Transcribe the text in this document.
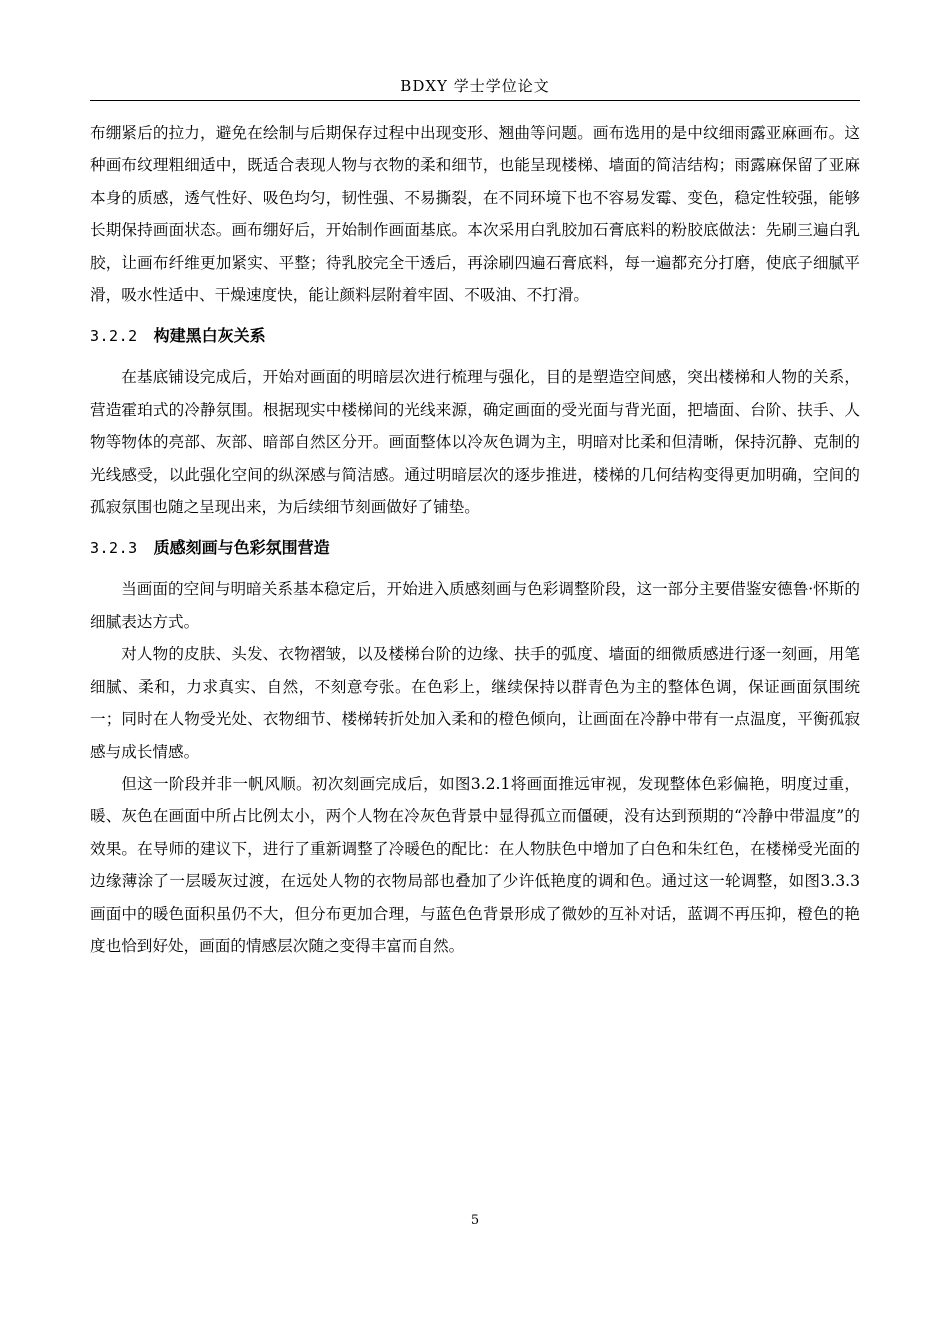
BDXY 学士学位论文

布绷紧后的拉力，避免在绘制与后期保存过程中出现变形、翘曲等问题。画布选用的是中纹细雨露亚麻画布。这种画布纹理粗细适中，既适合表现人物与衣物的柔和细节，也能呈现楼梯、墙面的简洁结构；雨露麻保留了亚麻本身的质感，透气性好、吸色均匀，韧性强、不易撕裂，在不同环境下也不容易发霉、变色，稳定性较强，能够长期保持画面状态。画布绷好后，开始制作画面基底。本次采用白乳胶加石膏底料的粉胶底做法：先刷三遍白乳胶，让画布纤维更加紧实、平整；待乳胶完全干透后，再涂刷四遍石膏底料，每一遍都充分打磨，使底子细腻平滑，吸水性适中、干燥速度快，能让颜料层附着牢固、不吸油、不打滑。

3.2.2 构建黑白灰关系

在基底铺设完成后，开始对画面的明暗层次进行梳理与强化，目的是塑造空间感，突出楼梯和人物的关系，营造霍珀式的冷静氛围。根据现实中楼梯间的光线来源，确定画面的受光面与背光面，把墙面、台阶、扶手、人物等物体的亮部、灰部、暗部自然区分开。画面整体以冷灰色调为主，明暗对比柔和但清晰，保持沉静、克制的光线感受，以此强化空间的纵深感与简洁感。通过明暗层次的逐步推进，楼梯的几何结构变得更加明确，空间的孤寂氛围也随之呈现出来，为后续细节刻画做好了铺垫。

3.2.3 质感刻画与色彩氛围营造

当画面的空间与明暗关系基本稳定后，开始进入质感刻画与色彩调整阶段，这一部分主要借鉴安德鲁·怀斯的细腻表达方式。

对人物的皮肤、头发、衣物褶皱，以及楼梯台阶的边缘、扶手的弧度、墙面的细微质感进行逐一刻画，用笔细腻、柔和，力求真实、自然，不刻意夸张。在色彩上，继续保持以群青色为主的整体色调，保证画面氛围统一；同时在人物受光处、衣物细节、楼梯转折处加入柔和的橙色倾向，让画面在冷静中带有一点温度，平衡孤寂感与成长情感。

但这一阶段并非一帆风顺。初次刻画完成后，如图3.2.1将画面推远审视，发现整体色彩偏艳，明度过重，暖、灰色在画面中所占比例太小，两个人物在冷灰色背景中显得孤立而僵硬，没有达到预期的“冷静中带温度”的效果。在导师的建议下，进行了重新调整了冷暖色的配比：在人物肤色中增加了白色和朱红色，在楼梯受光面的边缘薄涂了一层暖灰过渡，在远处人物的衣物局部也叠加了少许低艳度的调和色。通过这一轮调整，如图3.3.3画面中的暖色面积虽仍不大，但分布更加合理，与蓝色色背景形成了微妙的互补对话，蓝调不再压抑，橙色的艳度也恰到好处，画面的情感层次随之变得丰富而自然。

5
